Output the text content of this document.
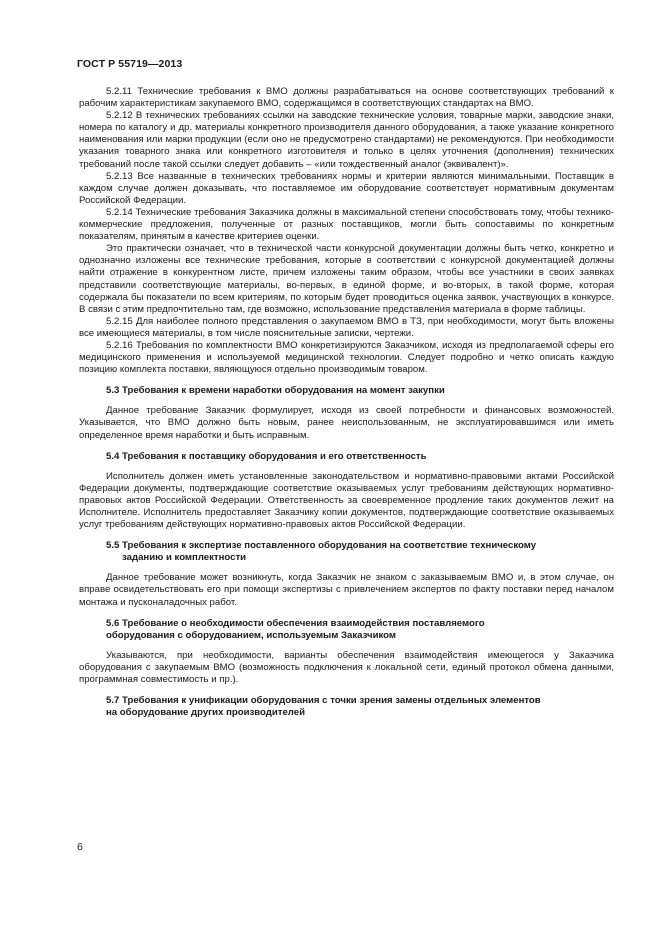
ГОСТ Р 55719—2013

5.2.11 Технические требования к ВМО должны разрабатываться на основе соответствующих требований к рабочим характеристикам закупаемого ВМО, содержащимся в соответствующих стандартах на ВМО.

5.2.12 В технических требованиях ссылки на заводские технические условия, товарные марки, заводские знаки, номера по каталогу и др. материалы конкретного производителя данного оборудования, а также указание конкретного наименования или марки продукции (если оно не предусмотрено стандартами) не рекомендуются. При необходимости указания товарного знака или конкретного изготовителя и только в целях уточнения (дополнения) технических требований после такой ссылки следует добавить – «или тождественный аналог (эквивалент)».

5.2.13 Все названные в технических требованиях нормы и критерии являются минимальными. Поставщик в каждом случае должен доказывать, что поставляемое им оборудование соответствует нормативным документам Российской Федерации.

5.2.14 Технические требования Заказчика должны в максимальной степени способствовать тому, чтобы технико-коммерческие предложения, полученные от разных поставщиков, могли быть сопоставимы по конкретным показателям, принятым в качестве критериев оценки.

Это практически означает, что в технической части конкурсной документации должны быть четко, конкретно и однозначно изложены все технические требования, которые в соответствии с конкурсной документацией должны найти отражение в конкурентном листе, причем изложены таким образом, чтобы все участники в своих заявках представили соответствующие материалы, во-первых, в единой форме, и во-вторых, в такой форме, которая содержала бы показатели по всем критериям, по которым будет проводиться оценка заявок, участвующих в конкурсе. В связи с этим предпочтительно там, где возможно, использование представления материала в форме таблицы.

5.2.15 Для наиболее полного представления о закупаемом ВМО в ТЗ, при необходимости, могут быть вложены все имеющиеся материалы, в том числе пояснительные записки, чертежи.

5.2.16 Требования по комплектности ВМО конкретизируются Заказчиком, исходя из предполагаемой сферы его медицинского применения и используемой медицинской технологии. Следует подробно и четко описать каждую позицию комплекта поставки, являющуюся отдельно производимым товаром.

5.3 Требования к времени наработки оборудования на момент закупки

Данное требование Заказчик формулирует, исходя из своей потребности и финансовых возможностей. Указывается, что ВМО должно быть новым, ранее неиспользованным, не эксплуатировавшимся или иметь определенное время наработки и быть исправным.

5.4 Требования к поставщику оборудования и его ответственность

Исполнитель должен иметь установленные законодательством и нормативно-правовыми актами Российской Федерации документы, подтверждающие соответствие оказываемых услуг требованиям действующих нормативно-правовых актов Российской Федерации. Ответственность за своевременное продление таких документов лежит на Исполнителе. Исполнитель предоставляет Заказчику копии документов, подтверждающие соответствие оказываемых услуг требованиям действующих нормативно-правовых актов Российской Федерации.

5.5 Требования к экспертизе поставленного оборудования на соответствие техническому
заданию и комплектности

Данное требование может возникнуть, когда Заказчик не знаком с заказываемым ВМО и, в этом случае, он вправе освидетельствовать его при помощи экспертизы с привлечением экспертов по факту поставки перед началом монтажа и пусконаладочных работ.

5.6 Требование о необходимости обеспечения взаимодействия поставляемого
оборудования с оборудованием, используемым Заказчиком

Указываются, при необходимости, варианты обеспечения взаимодействия имеющегося у Заказчика оборудования с закупаемым ВМО (возможность подключения к локальной сети, единый протокол обмена данными, программная совместимость и пр.).

5.7 Требования к унификации оборудования с точки зрения замены отдельных элементов
на оборудование других производителей
6
